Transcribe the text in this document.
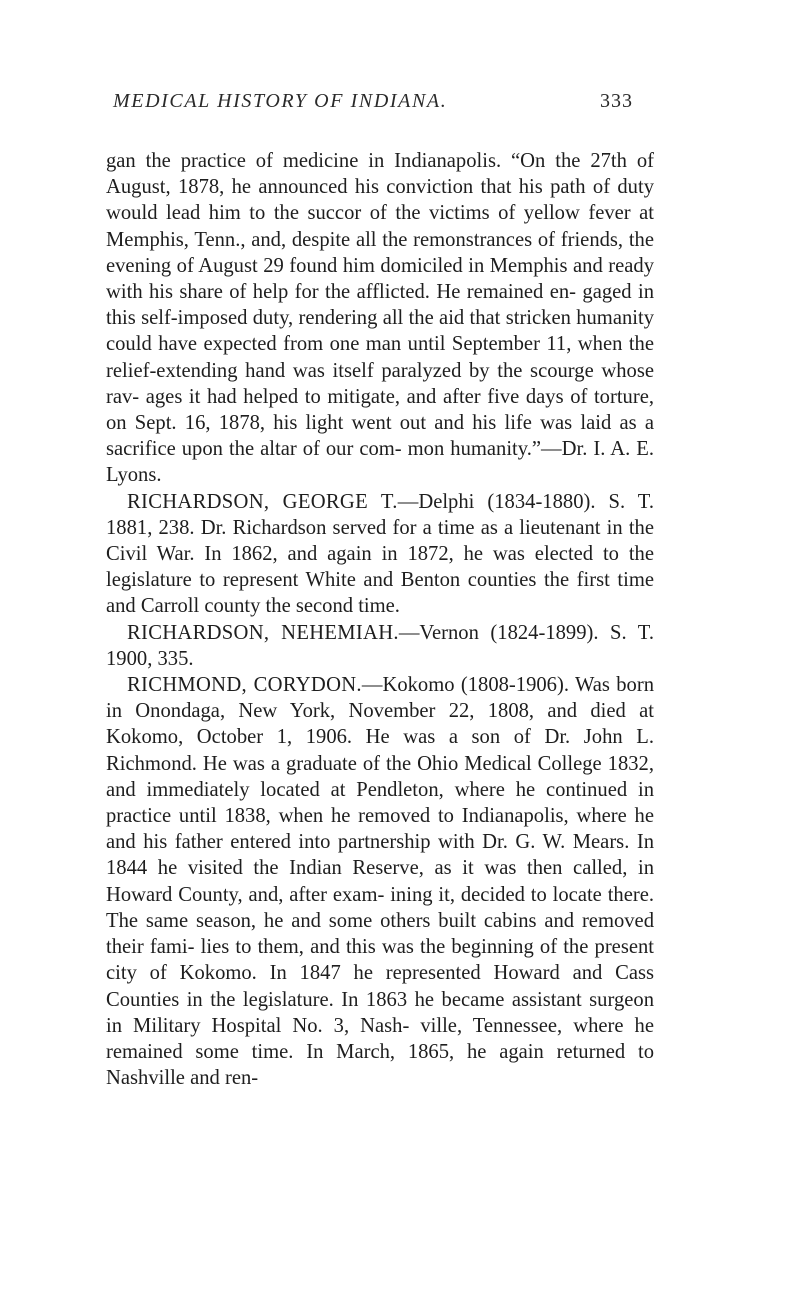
MEDICAL HISTORY OF INDIANA.	333

gan the practice of medicine in Indianapolis. “On the 27th of August, 1878, he announced his conviction that his path of duty would lead him to the succor of the victims of yellow fever at Memphis, Tenn., and, despite all the remonstrances of friends, the evening of August 29 found him domiciled in Memphis and ready with his share of help for the afflicted. He remained en- gaged in this self-imposed duty, rendering all the aid that stricken humanity could have expected from one man until September 11, when the relief-extending hand was itself paralyzed by the scourge whose rav- ages it had helped to mitigate, and after five days of torture, on Sept. 16, 1878, his light went out and his life was laid as a sacrifice upon the altar of our com- mon humanity.”—Dr. I. A. E. Lyons.

RICHARDSON, GEORGE T.—Delphi (1834-1880). S. T. 1881, 238. Dr. Richardson served for a time as a lieutenant in the Civil War. In 1862, and again in 1872, he was elected to the legislature to represent White and Benton counties the first time and Carroll county the second time.

RICHARDSON, NEHEMIAH.—Vernon (1824-1899). S. T. 1900, 335.

RICHMOND, CORYDON.—Kokomo (1808-1906). Was born in Onondaga, New York, November 22, 1808, and died at Kokomo, October 1, 1906. He was a son of Dr. John L. Richmond. He was a graduate of the Ohio Medical College 1832, and immediately located at Pendleton, where he continued in practice until 1838, when he removed to Indianapolis, where he and his father entered into partnership with Dr. G. W. Mears. In 1844 he visited the Indian Reserve, as it was then called, in Howard County, and, after exam- ining it, decided to locate there. The same season, he and some others built cabins and removed their fami- lies to them, and this was the beginning of the present city of Kokomo. In 1847 he represented Howard and Cass Counties in the legislature. In 1863 he became assistant surgeon in Military Hospital No. 3, Nash- ville, Tennessee, where he remained some time. In March, 1865, he again returned to Nashville and ren-
